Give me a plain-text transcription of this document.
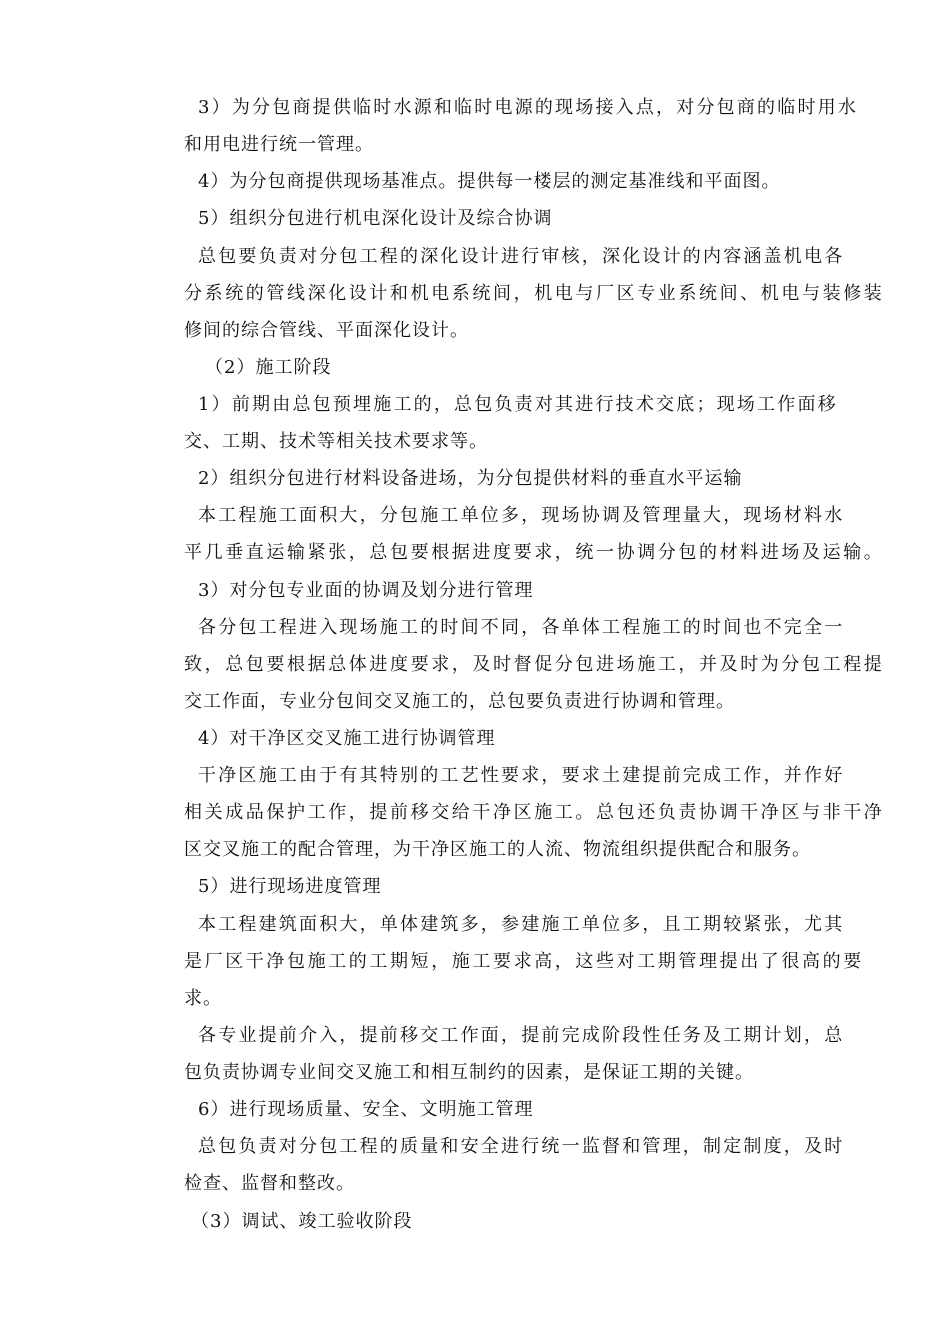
3）为分包商提供临时水源和临时电源的现场接入点，对分包商的临时用水
和用电进行统一管理。
4）为分包商提供现场基准点。提供每一楼层的测定基准线和平面图。
5）组织分包进行机电深化设计及综合协调
总包要负责对分包工程的深化设计进行审核，深化设计的内容涵盖机电各
分系统的管线深化设计和机电系统间，机电与厂区专业系统间、机电与装修装
修间的综合管线、平面深化设计。
（2）施工阶段
1）前期由总包预埋施工的，总包负责对其进行技术交底；现场工作面移
交、工期、技术等相关技术要求等。
2）组织分包进行材料设备进场，为分包提供材料的垂直水平运输
本工程施工面积大，分包施工单位多，现场协调及管理量大，现场材料水
平几垂直运输紧张，总包要根据进度要求，统一协调分包的材料进场及运输。
3）对分包专业面的协调及划分进行管理
各分包工程进入现场施工的时间不同，各单体工程施工的时间也不完全一
致，总包要根据总体进度要求，及时督促分包进场施工，并及时为分包工程提
交工作面，专业分包间交叉施工的，总包要负责进行协调和管理。
4）对干净区交叉施工进行协调管理
干净区施工由于有其特别的工艺性要求，要求土建提前完成工作，并作好
相关成品保护工作，提前移交给干净区施工。总包还负责协调干净区与非干净
区交叉施工的配合管理，为干净区施工的人流、物流组织提供配合和服务。
5）进行现场进度管理
本工程建筑面积大，单体建筑多，参建施工单位多，且工期较紧张，尤其
是厂区干净包施工的工期短，施工要求高，这些对工期管理提出了很高的要
求。
各专业提前介入，提前移交工作面，提前完成阶段性任务及工期计划，总
包负责协调专业间交叉施工和相互制约的因素，是保证工期的关键。
6）进行现场质量、安全、文明施工管理
总包负责对分包工程的质量和安全进行统一监督和管理，制定制度，及时
检查、监督和整改。
（3）调试、竣工验收阶段
